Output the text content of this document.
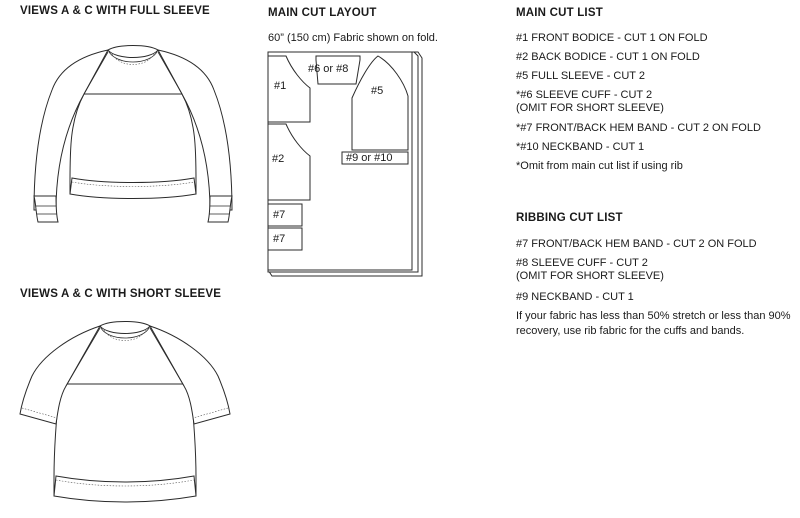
VIEWS A & C WITH FULL SLEEVE
VIEWS A & C WITH SHORT SLEEVE
MAIN CUT LAYOUT
60” (150 cm) Fabric shown on fold.
#1
#2
#6 or #8
#5
#9 or #10
#7
#7
MAIN CUT LIST
#1 FRONT BODICE - CUT 1 ON FOLD
#2 BACK BODICE - CUT 1 ON FOLD
#5 FULL SLEEVE - CUT 2
*#6 SLEEVE CUFF - CUT 2
(OMIT FOR SHORT SLEEVE)
*#7 FRONT/BACK HEM BAND - CUT 2 ON FOLD
*#10 NECKBAND - CUT 1
*Omit from main cut list if using rib
RIBBING CUT LIST
#7 FRONT/BACK HEM BAND - CUT 2 ON FOLD
#8 SLEEVE CUFF - CUT 2
(OMIT FOR SHORT SLEEVE)
#9 NECKBAND - CUT 1
If your fabric has less than 50% stretch or less than 90% recovery, use rib fabric for the cuffs and bands.
